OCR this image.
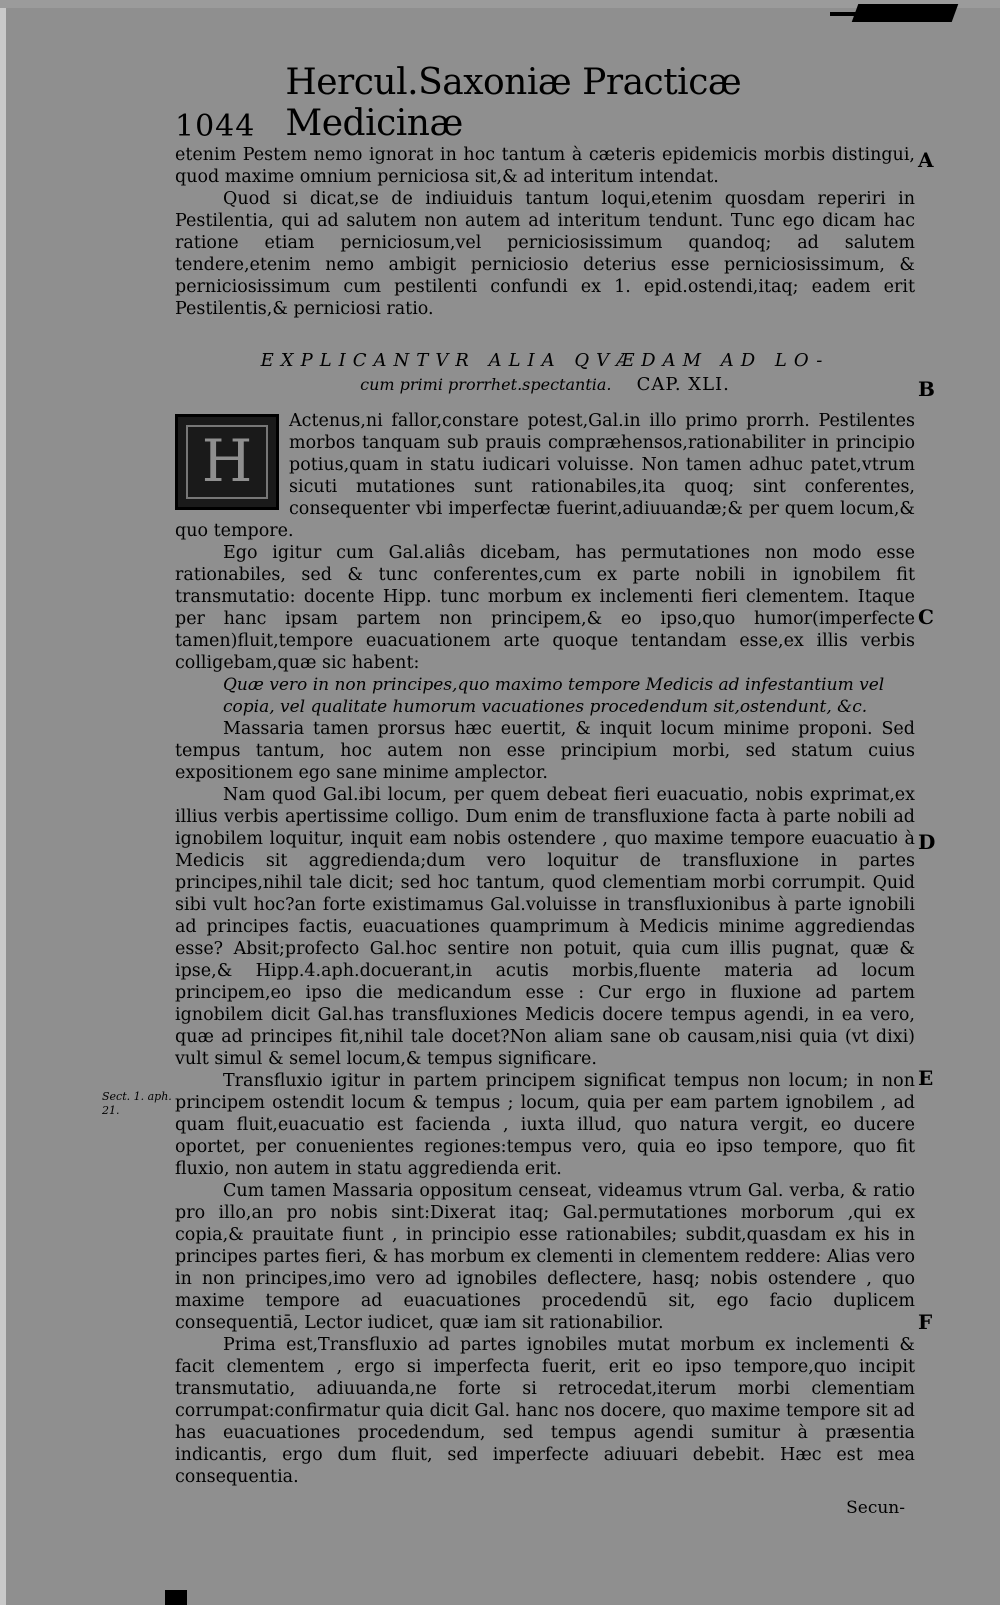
1044
Hercul.Saxoniæ Practicæ Medicinæ

etenim Pestem nemo ignorat in hoc tantum à cæteris epidemicis morbis distingui, quod maxime omnium perniciosa sit,& ad interitum intendat.

Quod si dicat,se de indiuiduis tantum loqui,etenim quosdam reperiri in Pestilentia, qui ad salutem non autem ad interitum tendunt. Tunc ego dicam hac ratione etiam perniciosum,vel perniciosissimum quandoq; ad salutem tendere,etenim nemo ambigit perniciosio deterius esse perniciosissimum, & perniciosissimum cum pestilenti confundi ex 1. epid.ostendi,itaq; eadem erit Pestilentis,& perniciosi ratio.

EXPLICANTVR ALIA QVÆDAM AD LO-
cum primi prorrhet.spectantia. CAP. XLI.
H

Actenus,ni fallor,constare potest,Gal.in illo primo prorrh. Pestilentes morbos tanquam sub prauis compræhensos,rationabiliter in principio potius,quam in statu iudicari voluisse. Non tamen adhuc patet,vtrum sicuti mutationes sunt rationabiles,ita quoq; sint conferentes, consequenter vbi imperfectæ fuerint,adiuuandæ;& per quem locum,& quo tempore.

Ego igitur cum Gal.aliâs dicebam, has permutationes non modo esse rationabiles, sed & tunc conferentes,cum ex parte nobili in ignobilem fit transmutatio: docente Hipp. tunc morbum ex inclementi fieri clementem. Itaque per hanc ipsam partem non principem,& eo ipso,quo humor(imperfecte tamen)fluit,tempore euacuationem arte quoque tentandam esse,ex illis verbis colligebam,quæ sic habent:

Quæ vero in non principes,quo maximo tempore Medicis ad infestantium vel copia, vel qualitate humorum vacuationes procedendum sit,ostendunt, &c.

Massaria tamen prorsus hæc euertit, & inquit locum minime proponi. Sed tempus tantum, hoc autem non esse principium morbi, sed statum cuius expositionem ego sane minime amplector.

Nam quod Gal.ibi locum, per quem debeat fieri euacuatio, nobis exprimat,ex illius verbis apertissime colligo. Dum enim de transfluxione facta à parte nobili ad ignobilem loquitur, inquit eam nobis ostendere , quo maxime tempore euacuatio à Medicis sit aggredienda;dum vero loquitur de transfluxione in partes principes,nihil tale dicit; sed hoc tantum, quod clementiam morbi corrumpit. Quid sibi vult hoc?an forte existimamus Gal.voluisse in transfluxionibus à parte ignobili ad principes factis, euacuationes quamprimum à Medicis minime aggrediendas esse? Absit;profecto Gal.hoc sentire non potuit, quia cum illis pugnat, quæ & ipse,& Hipp.4.aph.docuerant,in acutis morbis,fluente materia ad locum principem,eo ipso die medicandum esse : Cur ergo in fluxione ad partem ignobilem dicit Gal.has transfluxiones Medicis docere tempus agendi, in ea vero, quæ ad principes fit,nihil tale docet?Non aliam sane ob causam,nisi quia (vt dixi) vult simul & semel locum,& tempus significare.

Transfluxio igitur in partem principem significat tempus non locum; in non principem ostendit locum & tempus ; locum, quia per eam partem ignobilem , ad quam fluit,euacuatio est facienda , iuxta illud, quo natura vergit, eo ducere oportet, per conuenientes regiones:tempus vero, quia eo ipso tempore, quo fit fluxio, non autem in statu aggredienda erit.

Cum tamen Massaria oppositum censeat, videamus vtrum Gal. verba, & ratio pro illo,an pro nobis sint:Dixerat itaq; Gal.permutationes morborum ,qui ex copia,& prauitate fiunt , in principio esse rationabiles; subdit,quasdam ex his in principes partes fieri, & has morbum ex clementi in clementem reddere: Alias vero in non principes,imo vero ad ignobiles deflectere, hasq; nobis ostendere , quo maxime tempore ad euacuationes procedendū sit, ego facio duplicem consequentiā, Lector iudicet, quæ iam sit rationabilior.

Prima est,Transfluxio ad partes ignobiles mutat morbum ex inclementi & facit clementem , ergo si imperfecta fuerit, erit eo ipso tempore,quo incipit transmutatio, adiuuanda,ne forte si retrocedat,iterum morbi clementiam corrumpat:confirmatur quia dicit Gal. hanc nos docere, quo maxime tempore sit ad has euacuationes procedendum, sed tempus agendi sumitur à præsentia indicantis, ergo dum fluit, sed imperfecte adiuuari debebit. Hæc est mea consequentia.

Secun-
A
B
C
D
E
F
Sect. 1. aph. 21.
